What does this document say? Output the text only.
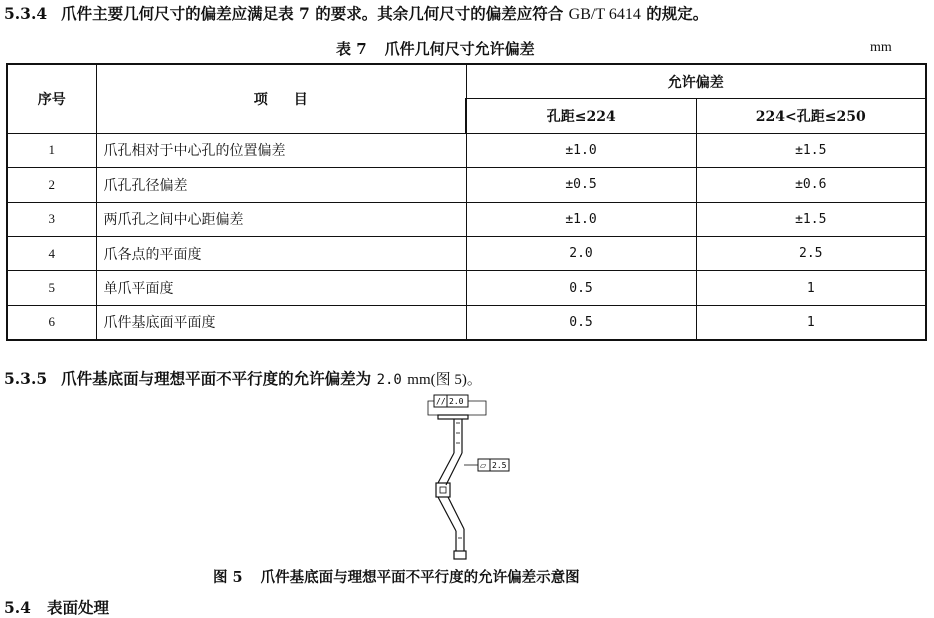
5.3.4 爪件主要几何尺寸的偏差应满足表 7 的要求。其余几何尺寸的偏差应符合 GB/T 6414 的规定。
表 7 爪件几何尺寸允许偏差	mm
序号	项目	允许偏差	
		孔距≤224	224<孔距≤250
1	爪孔相对于中心孔的位置偏差	±1.0	±1.5
2	爪孔孔径偏差	±0.5	±0.6
3	两爪孔之间中心距偏差	±1.0	±1.5
4	爪各点的平面度	2.0	2.5
5	单爪平面度	0.5	1
6	爪件基底面平面度	0.5	1
5.3.5 爪件基底面与理想平面不平行度的允许偏差为 2.0 mm(图 5)。
// 2.0
⏥ 2.5
图 5 爪件基底面与理想平面不平行度的允许偏差示意图
5.4 表面处理
